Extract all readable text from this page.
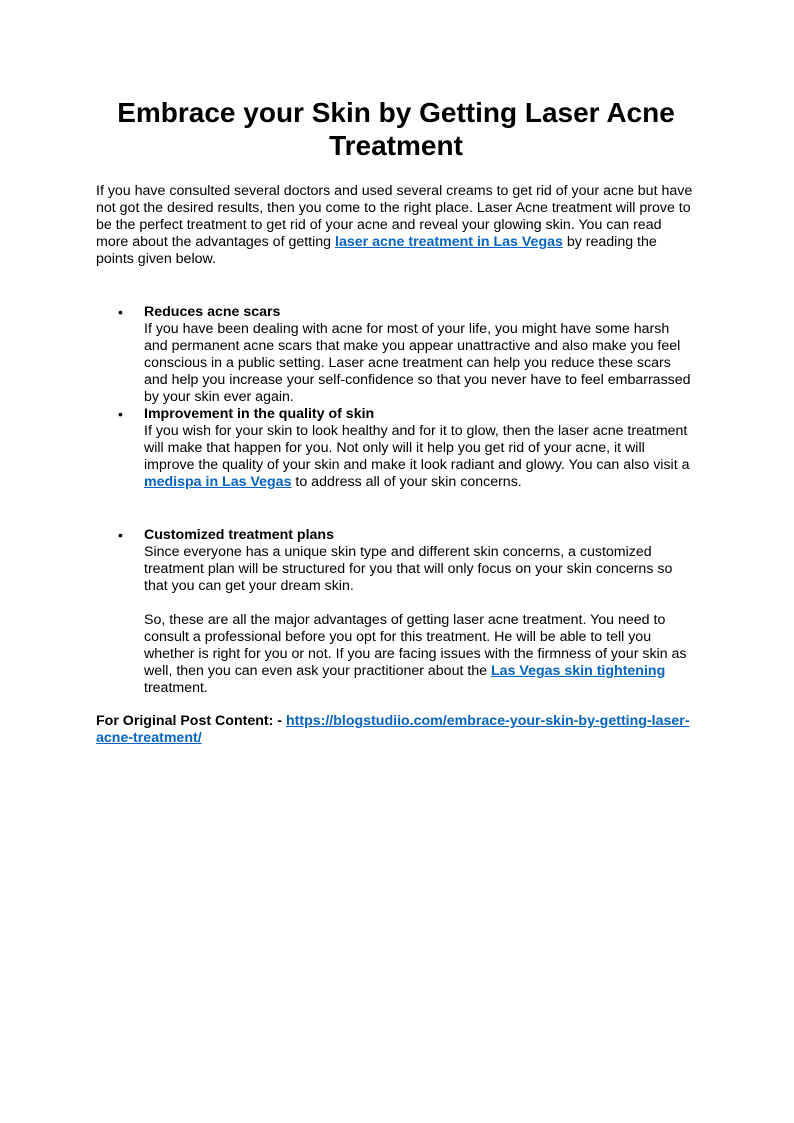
Embrace your Skin by Getting Laser Acne Treatment

If you have consulted several doctors and used several creams to get rid of your acne but have not got the desired results, then you come to the right place. Laser Acne treatment will prove to be the perfect treatment to get rid of your acne and reveal your glowing skin. You can read more about the advantages of getting laser acne treatment in Las Vegas by reading the points given below.

• Reduces acne scars
If you have been dealing with acne for most of your life, you might have some harsh and permanent acne scars that make you appear unattractive and also make you feel conscious in a public setting. Laser acne treatment can help you reduce these scars and help you increase your self-confidence so that you never have to feel embarrassed by your skin ever again.
• Improvement in the quality of skin
If you wish for your skin to look healthy and for it to glow, then the laser acne treatment will make that happen for you. Not only will it help you get rid of your acne, it will improve the quality of your skin and make it look radiant and glowy. You can also visit a medispa in Las Vegas to address all of your skin concerns.
• Customized treatment plans
Since everyone has a unique skin type and different skin concerns, a customized treatment plan will be structured for you that will only focus on your skin concerns so that you can get your dream skin.
So, these are all the major advantages of getting laser acne treatment. You need to consult a professional before you opt for this treatment. He will be able to tell you whether is right for you or not. If you are facing issues with the firmness of your skin as well, then you can even ask your practitioner about the Las Vegas skin tightening treatment.

For Original Post Content: - https://blogstudiio.com/embrace-your-skin-by-getting-laser-acne-treatment/
